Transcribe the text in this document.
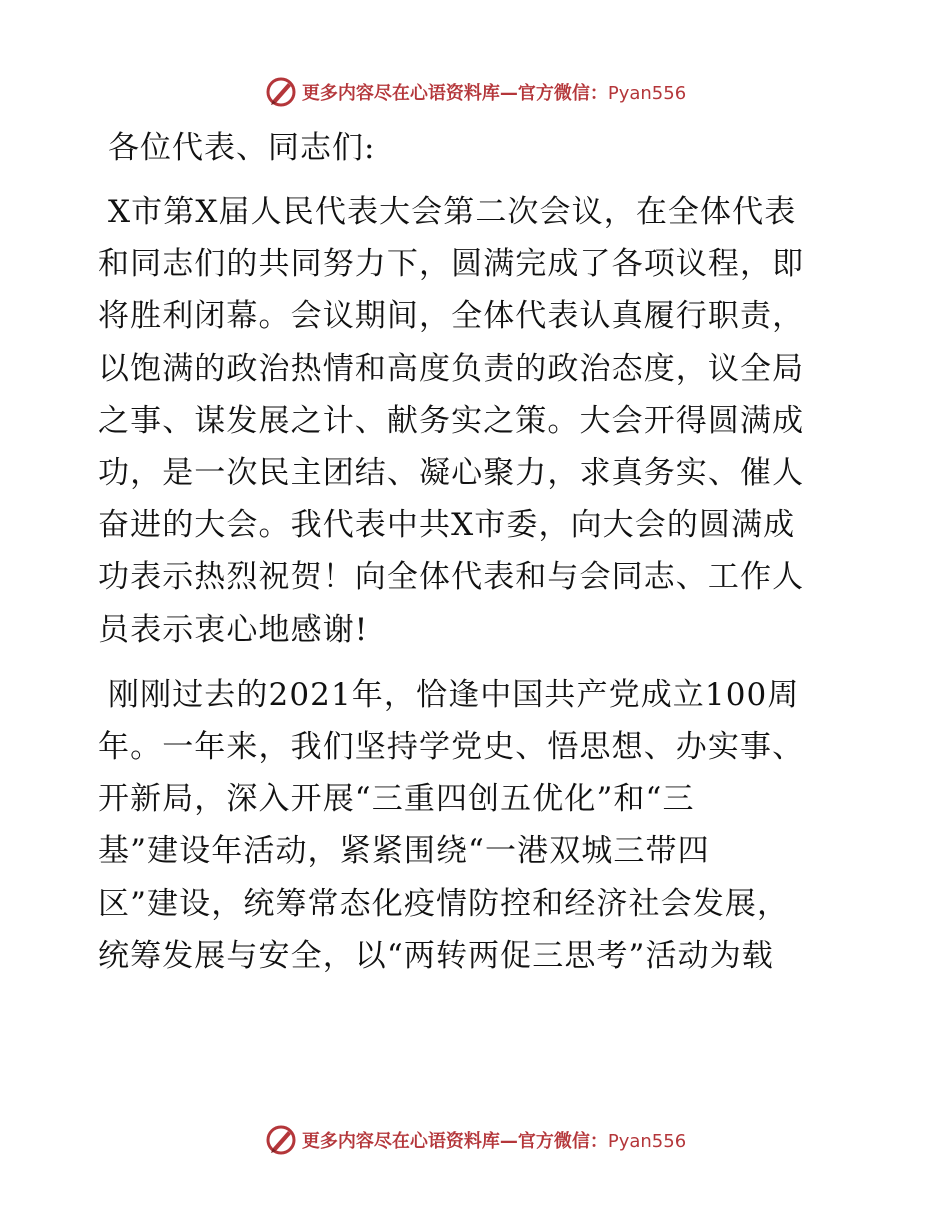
更多内容尽在心语资料库—官方微信：Pyan556
各位代表、同志们:
X市第X届人民代表大会第二次会议，在全体代表
和同志们的共同努力下，圆满完成了各项议程，即
将胜利闭幕。会议期间，全体代表认真履行职责，
以饱满的政治热情和高度负责的政治态度，议全局
之事、谋发展之计、献务实之策。大会开得圆满成
功，是一次民主团结、凝心聚力，求真务实、催人
奋进的大会。我代表中共X市委，向大会的圆满成
功表示热烈祝贺！向全体代表和与会同志、工作人
员表示衷心地感谢!
刚刚过去的2021年，恰逢中国共产党成立100周
年。一年来，我们坚持学党史、悟思想、办实事、
开新局，深入开展“三重四创五优化”和“三
基”建设年活动，紧紧围绕“一港双城三带四
区”建设，统筹常态化疫情防控和经济社会发展，
统筹发展与安全，以“两转两促三思考”活动为载
更多内容尽在心语资料库—官方微信：Pyan556
